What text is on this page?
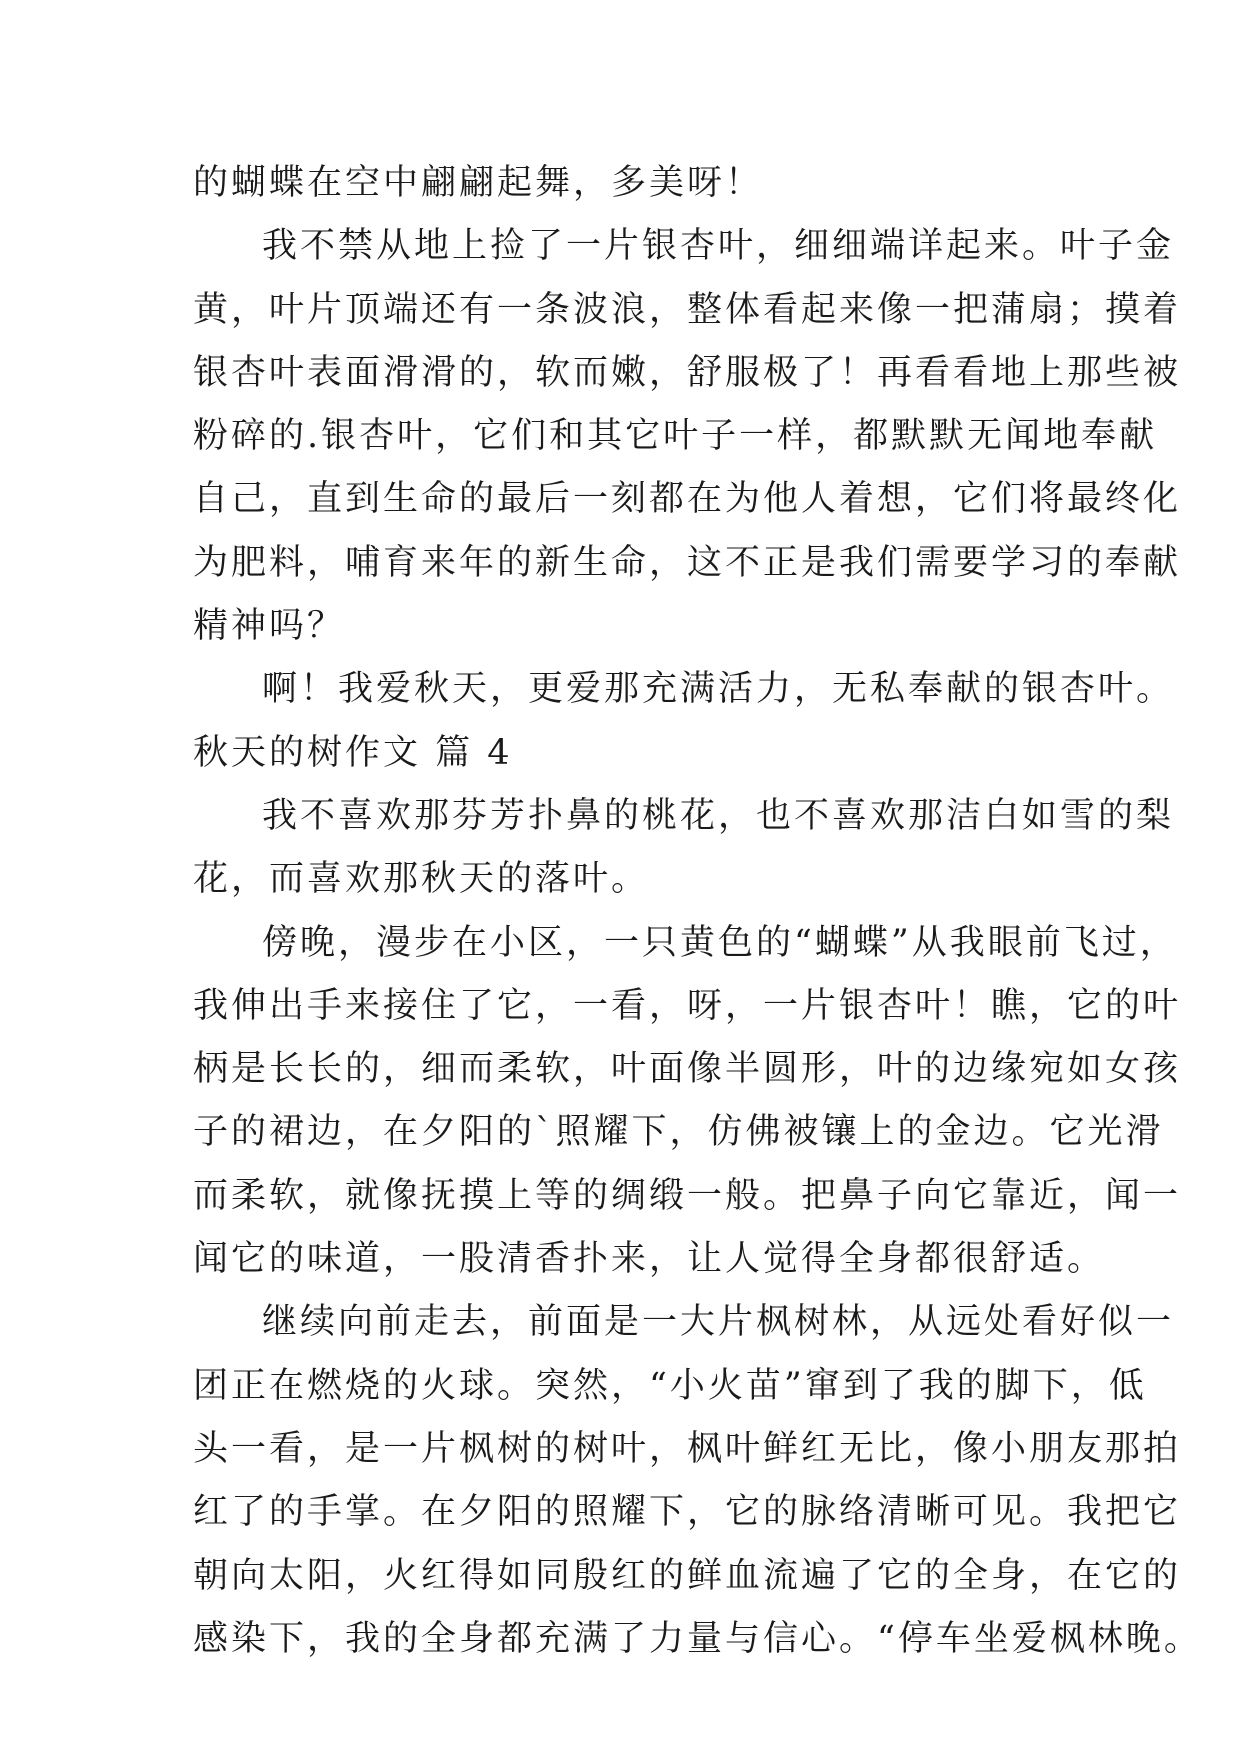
的蝴蝶在空中翩翩起舞，多美呀！
我不禁从地上捡了一片银杏叶，细细端详起来。叶子金
黄，叶片顶端还有一条波浪，整体看起来像一把蒲扇；摸着
银杏叶表面滑滑的，软而嫩，舒服极了！再看看地上那些被
粉碎的.银杏叶，它们和其它叶子一样，都默默无闻地奉献
自己，直到生命的最后一刻都在为他人着想，它们将最终化
为肥料，哺育来年的新生命，这不正是我们需要学习的奉献
精神吗？
啊！我爱秋天，更爱那充满活力，无私奉献的银杏叶。
秋天的树作文 篇 4
我不喜欢那芬芳扑鼻的桃花，也不喜欢那洁白如雪的梨
花，而喜欢那秋天的落叶。
傍晚，漫步在小区，一只黄色的“蝴蝶”从我眼前飞过，
我伸出手来接住了它，一看，呀，一片银杏叶！瞧，它的叶
柄是长长的，细而柔软，叶面像半圆形，叶的边缘宛如女孩
子的裙边，在夕阳的`照耀下，仿佛被镶上的金边。它光滑
而柔软，就像抚摸上等的绸缎一般。把鼻子向它靠近，闻一
闻它的味道，一股清香扑来，让人觉得全身都很舒适。
继续向前走去，前面是一大片枫树林，从远处看好似一
团正在燃烧的火球。突然，“小火苗”窜到了我的脚下，低
头一看，是一片枫树的树叶，枫叶鲜红无比，像小朋友那拍
红了的手掌。在夕阳的照耀下，它的脉络清晰可见。我把它
朝向太阳，火红得如同殷红的鲜血流遍了它的全身，在它的
感染下，我的全身都充满了力量与信心。“停车坐爱枫林晚。
